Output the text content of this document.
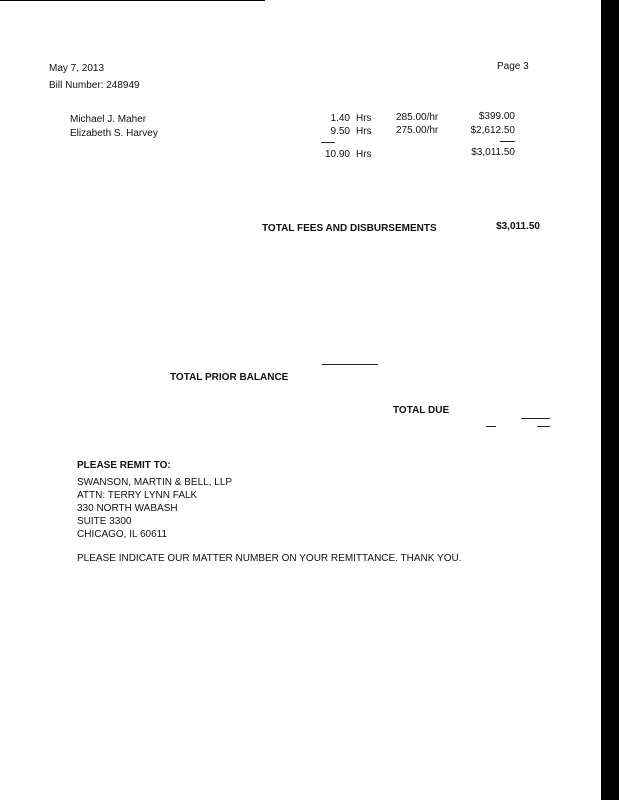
May 7, 2013
Bill Number: 248949
Page 3
Michael J. Maher	1.40 Hrs 285.00/hr	$399.00
Elizabeth S. Harvey	9.50 Hrs 275.00/hr	$2,612.50
10.90 Hrs	$3,011.50
TOTAL FEES AND DISBURSEMENTS	$3,011.50
TOTAL PRIOR BALANCE
TOTAL DUE
PLEASE REMIT TO:
SWANSON, MARTIN & BELL, LLP
ATTN: TERRY LYNN FALK
330 NORTH WABASH
SUITE 3300
CHICAGO, IL 60611
PLEASE INDICATE OUR MATTER NUMBER ON YOUR REMITTANCE. THANK YOU.
